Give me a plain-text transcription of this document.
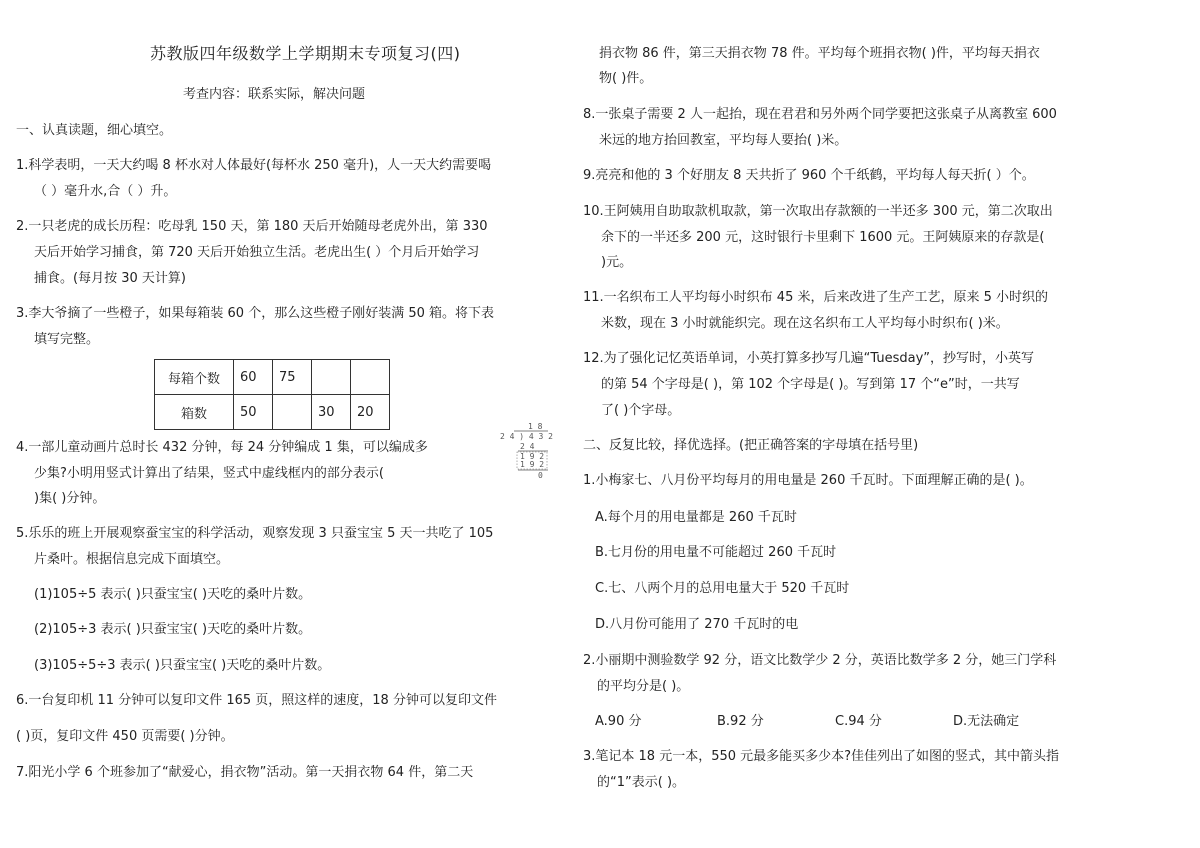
苏教版四年级数学上学期期末专项复习(四)
考查内容：联系实际，解决问题
一、认真读题，细心填空。
1.科学表明，一天大约喝 8 杯水对人体最好(每杯水 250 毫升)，人一天大约需要喝
（ ）毫升水,合（ ）升。
2.一只老虎的成长历程：吃母乳 150 天，第 180 天后开始随母老虎外出，第 330
天后开始学习捕食，第 720 天后开始独立生活。老虎出生( ）个月后开始学习
捕食。(每月按 30 天计算)
3.李大爷摘了一些橙子，如果每箱装 60 个，那么这些橙子刚好装满 50 箱。将下表
填写完整。
每箱个数	60	75		
箱数	50		30	20
4.一部儿童动画片总时长 432 分钟，每 24 分钟编成 1 集，可以编成多
少集?小明用竖式计算出了结果，竖式中虚线框内的部分表示(
)集( )分钟。
1 8
2 4 ) 4 3 2
2 4
1 9 2
1 9 2
0
5.乐乐的班上开展观察蚕宝宝的科学活动，观察发现 3 只蚕宝宝 5 天一共吃了 105
片桑叶。根据信息完成下面填空。
(1)105÷5 表示( )只蚕宝宝( )天吃的桑叶片数。
(2)105÷3 表示( )只蚕宝宝( )天吃的桑叶片数。
(3)105÷5÷3 表示( )只蚕宝宝( )天吃的桑叶片数。
6.一台复印机 11 分钟可以复印文件 165 页，照这样的速度，18 分钟可以复印文件
( )页，复印文件 450 页需要( )分钟。
7.阳光小学 6 个班参加了“献爱心，捐衣物”活动。第一天捐衣物 64 件，第二天
捐衣物 86 件，第三天捐衣物 78 件。平均每个班捐衣物( )件，平均每天捐衣
物( )件。
8.一张桌子需要 2 人一起抬，现在君君和另外两个同学要把这张桌子从离教室 600
米远的地方抬回教室，平均每人要抬( )米。
9.亮亮和他的 3 个好朋友 8 天共折了 960 个千纸鹤，平均每人每天折( ）个。
10.王阿姨用自助取款机取款，第一次取出存款额的一半还多 300 元，第二次取出
余下的一半还多 200 元，这时银行卡里剩下 1600 元。王阿姨原来的存款是(
)元。
11.一名织布工人平均每小时织布 45 米，后来改进了生产工艺，原来 5 小时织的
米数，现在 3 小时就能织完。现在这名织布工人平均每小时织布( )米。
12.为了强化记忆英语单词，小英打算多抄写几遍“Tuesday”，抄写时，小英写
的第 54 个字母是( )，第 102 个字母是( )。写到第 17 个“e”时，一共写
了( )个字母。
二、反复比较，择优选择。(把正确答案的字母填在括号里)
1.小梅家七、八月份平均每月的用电量是 260 千瓦时。下面理解正确的是( )。
A.每个月的用电量都是 260 千瓦时
B.七月份的用电量不可能超过 260 千瓦时
C.七、八两个月的总用电量大于 520 千瓦时
D.八月份可能用了 270 千瓦时的电
2.小丽期中测验数学 92 分，语文比数学少 2 分，英语比数学多 2 分，她三门学科
的平均分是( )。
A.90 分	B.92 分	C.94 分	D.无法确定
3.笔记本 18 元一本，550 元最多能买多少本?佳佳列出了如图的竖式，其中箭头指
的“1”表示( )。
